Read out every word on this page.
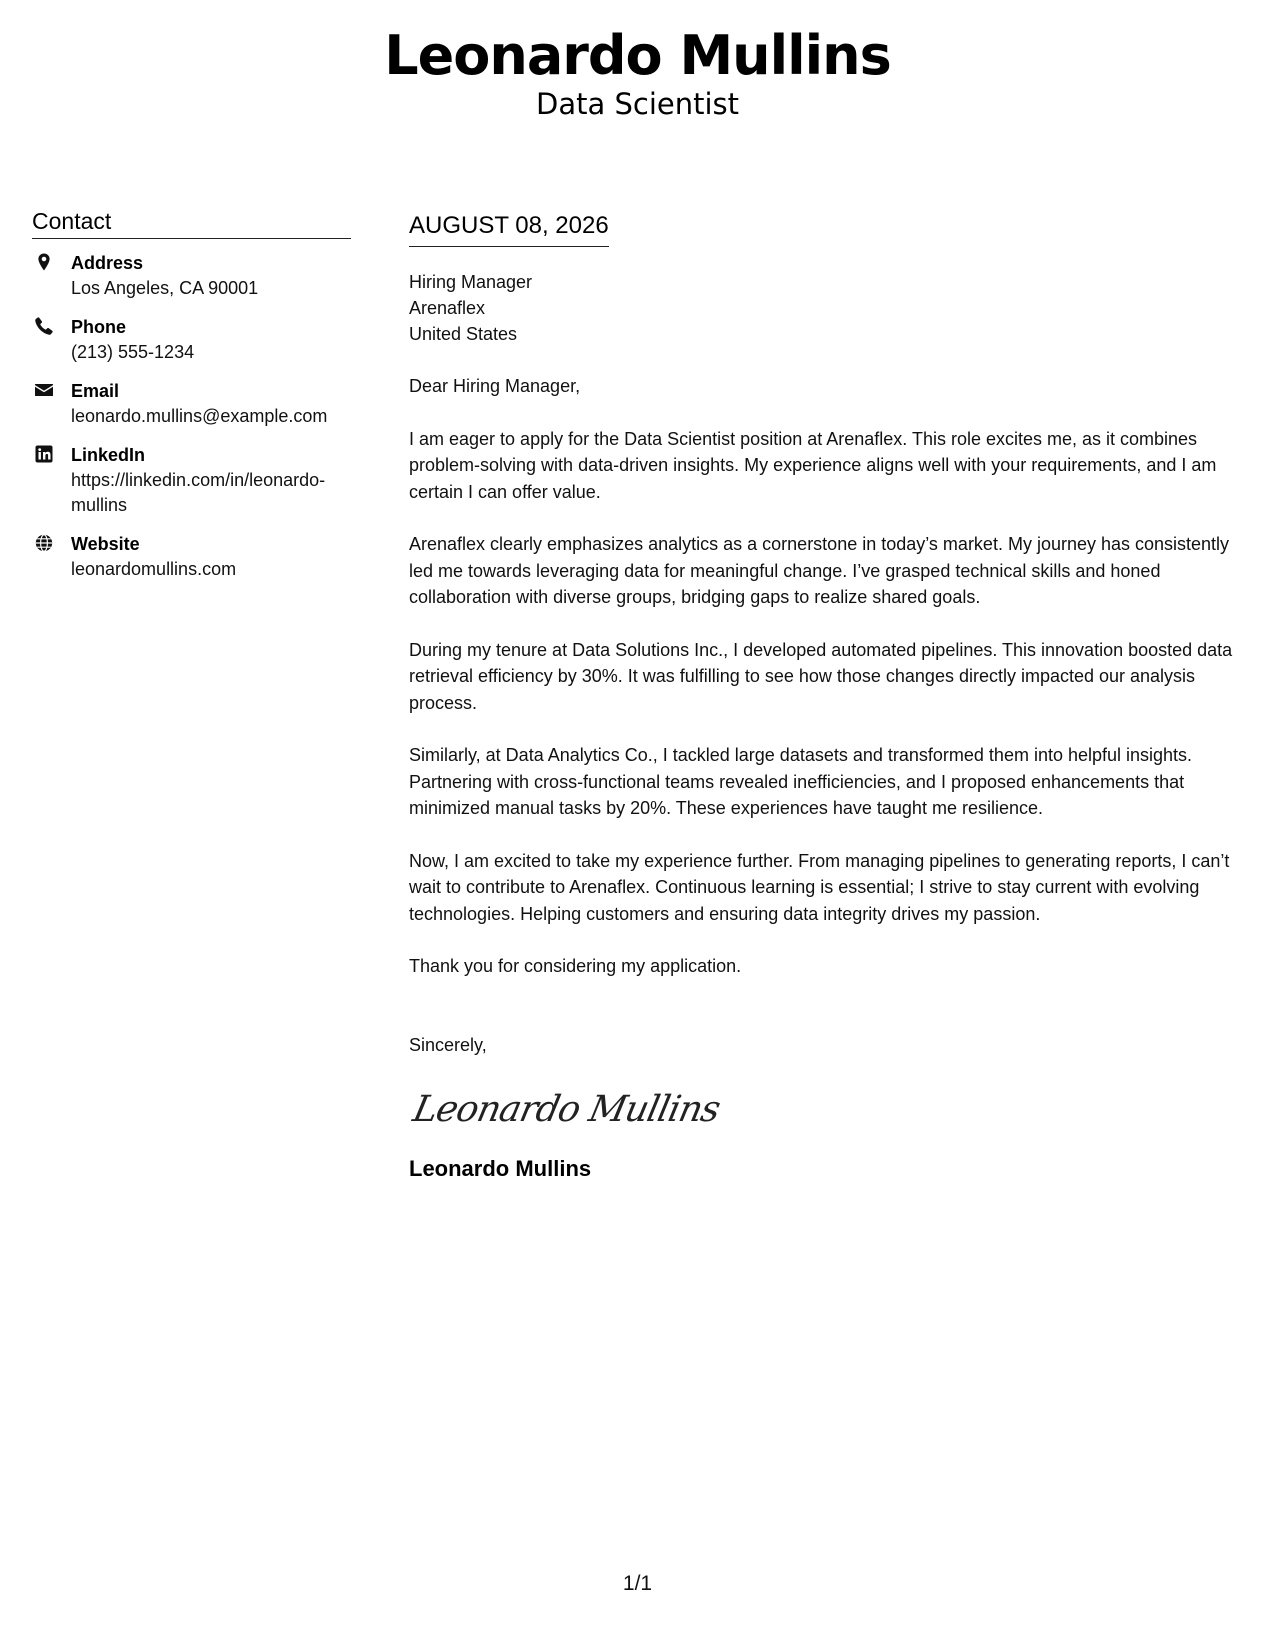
Leonardo Mullins
Data Scientist
Contact
Address
Los Angeles, CA 90001
Phone
(213) 555-1234
Email
leonardo.mullins@example.com
LinkedIn
https://linkedin.com/in/leonardo-mullins
Website
leonardomullins.com
AUGUST 08, 2026
Hiring Manager
Arenaflex
United States
Dear Hiring Manager,
I am eager to apply for the Data Scientist position at Arenaflex. This role excites me, as it combines problem-solving with data-driven insights. My experience aligns well with your requirements, and I am certain I can offer value.
Arenaflex clearly emphasizes analytics as a cornerstone in today’s market. My journey has consistently led me towards leveraging data for meaningful change. I’ve grasped technical skills and honed collaboration with diverse groups, bridging gaps to realize shared goals.
During my tenure at Data Solutions Inc., I developed automated pipelines. This innovation boosted data retrieval efficiency by 30%. It was fulfilling to see how those changes directly impacted our analysis process.
Similarly, at Data Analytics Co., I tackled large datasets and transformed them into helpful insights. Partnering with cross-functional teams revealed inefficiencies, and I proposed enhancements that minimized manual tasks by 20%. These experiences have taught me resilience.
Now, I am excited to take my experience further. From managing pipelines to generating reports, I can’t wait to contribute to Arenaflex. Continuous learning is essential; I strive to stay current with evolving technologies. Helping customers and ensuring data integrity drives my passion.
Thank you for considering my application.
Sincerely,
Leonardo Mullins
Leonardo Mullins
1/1
